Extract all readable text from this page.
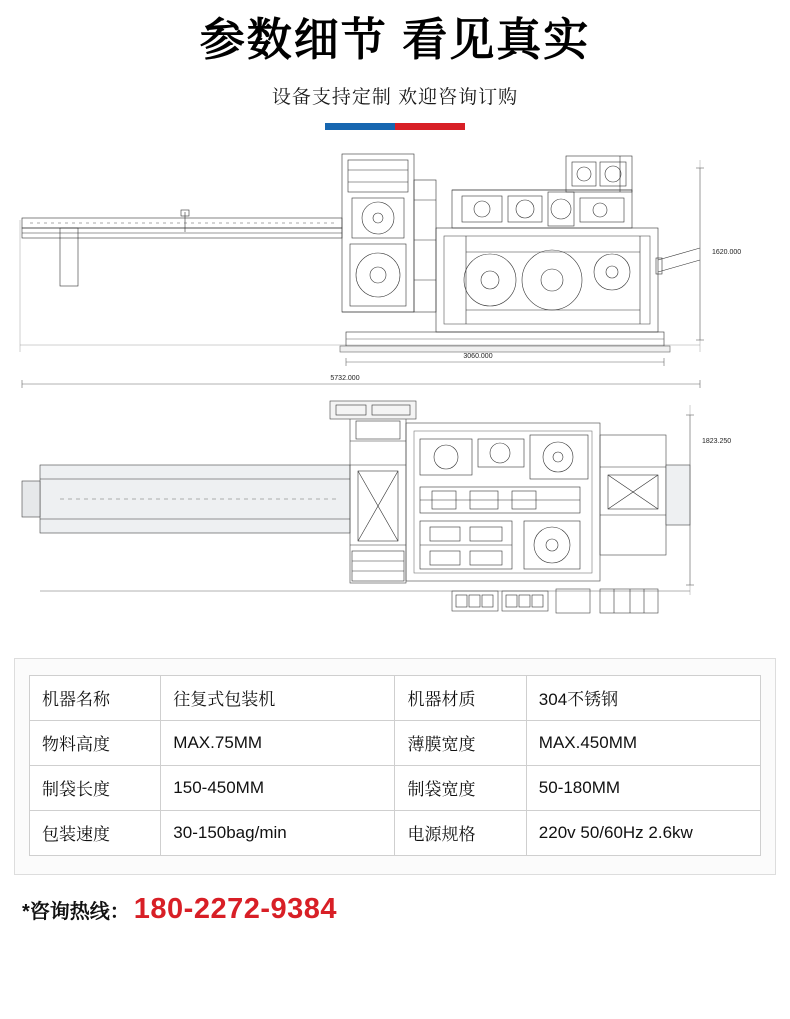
参数细节 看见真实
设备支持定制 欢迎咨询订购
1620.000
3060.000
5732.000
1823.250
机器名称	往复式包装机	机器材质	304不锈钢
物料高度	MAX.75MM	薄膜宽度	MAX.450MM
制袋长度	150-450MM	制袋宽度	50-180MM
包装速度	30-150bag/min	电源规格	220v 50/60Hz 2.6kw
*咨询热线： 180-2272-9384
